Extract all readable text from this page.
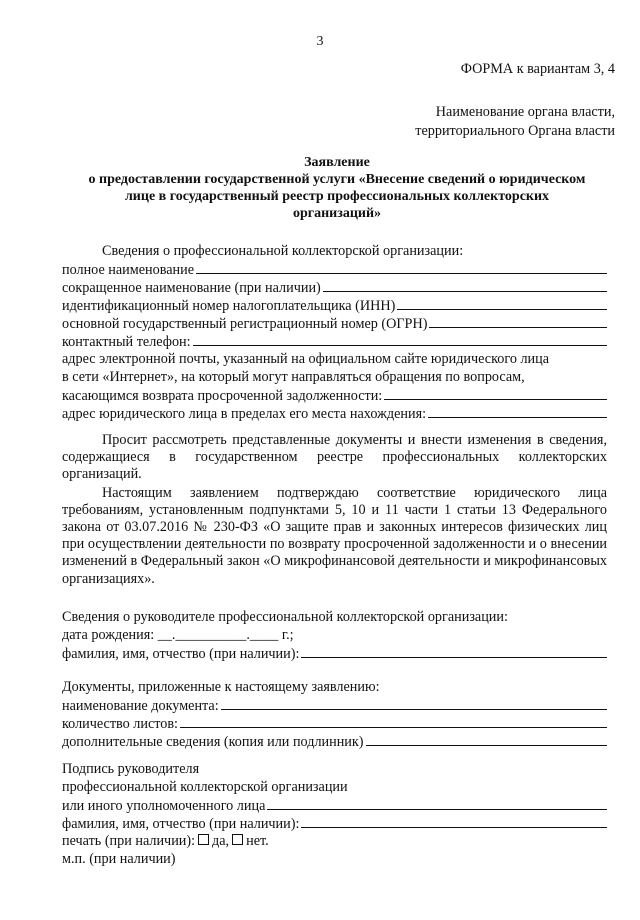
3
ФОРМА к вариантам 3, 4
Наименование органа власти,
территориального Органа власти
Заявление
о предоставлении государственной услуги «Внесение сведений о юридическом
лице в государственный реестр профессиональных коллекторских
организаций»
Сведения о профессиональной коллекторской организации:
полное наименование
сокращенное наименование (при наличии)
идентификационный номер налогоплательщика (ИНН)
основной государственный регистрационный номер (ОГРН)
контактный телефон:
адрес электронной почты, указанный на официальном сайте юридического лица
в сети «Интернет», на который могут направляться обращения по вопросам,
касающимся возврата просроченной задолженности:
адрес юридического лица в пределах его места нахождения:
Просит рассмотреть представленные документы и внести изменения в сведения, содержащиеся в государственном реестре профессиональных коллекторских организаций.
Настоящим заявлением подтверждаю соответствие юридического лица требованиям, установленным подпунктами 5, 10 и 11 части 1 статьи 13 Федерального закона от 03.07.2016 № 230-ФЗ «О защите прав и законных интересов физических лиц при осуществлении деятельности по возврату просроченной задолженности и о внесении изменений в Федеральный закон «О микрофинансовой деятельности и микрофинансовых организациях».
Сведения о руководителе профессиональной коллекторской организации:
дата рождения: __.__________.____ г.;
фамилия, имя, отчество (при наличии):
Документы, приложенные к настоящему заявлению:
наименование документа:
количество листов:
дополнительные сведения (копия или подлинник)
Подпись руководителя
профессиональной коллекторской организации
или иного уполномоченного лица
фамилия, имя, отчество (при наличии):
печать (при наличии): да, нет.
м.п. (при наличии)
